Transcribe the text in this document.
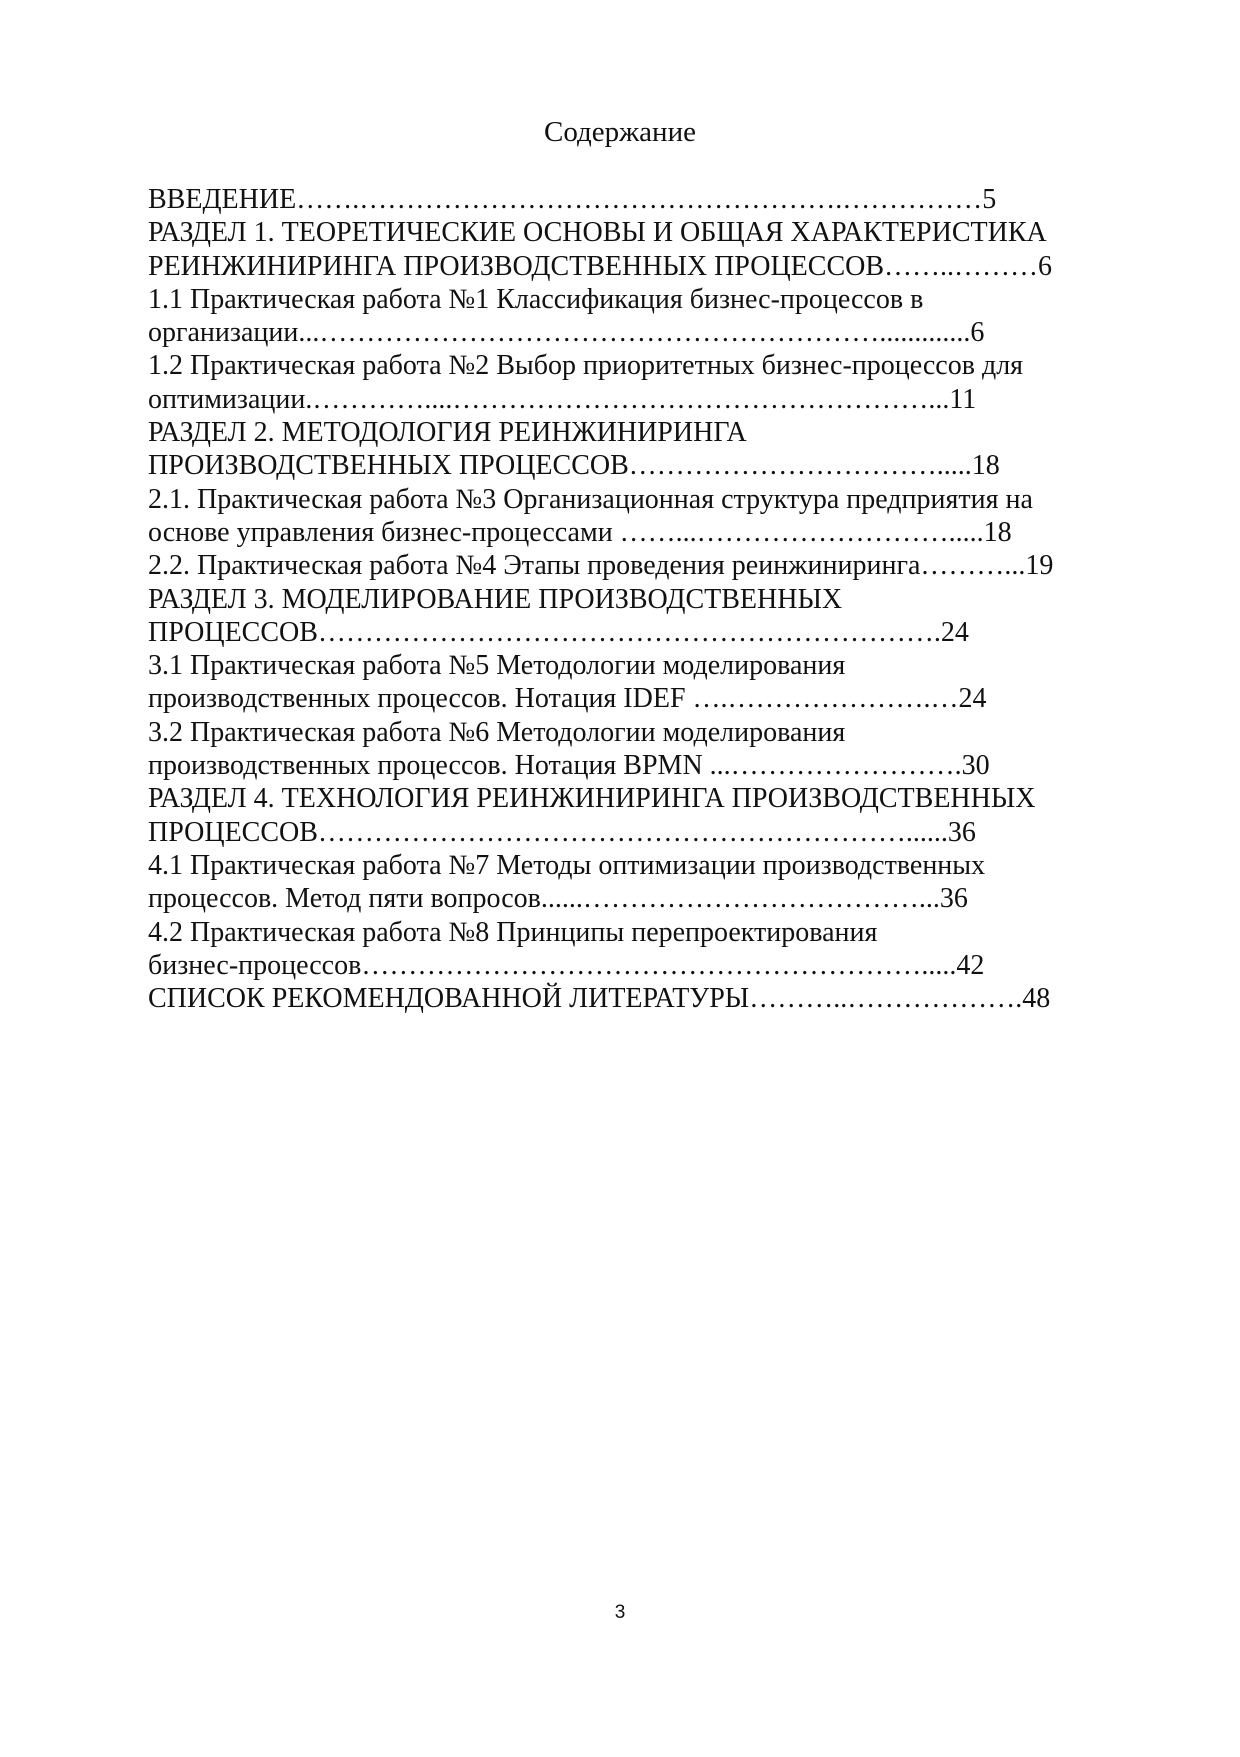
Содержание
ВВЕДЕНИЕ…….…………………………………………….……………5
РАЗДЕЛ 1. ТЕОРЕТИЧЕСКИЕ ОСНОВЫ И ОБЩАЯ ХАРАКТЕРИСТИКА
РЕИНЖИНИРИНГА ПРОИЗВОДСТВЕННЫХ ПРОЦЕССОВ……..………6
1.1 Практическая работа №1 Классификация бизнес-процессов в
организации...…………………………………………………….............6
1.2 Практическая работа №2 Выбор приоритетных бизнес-процессов для
оптимизации.…………....……………………………………………...11
РАЗДЕЛ 2. МЕТОДОЛОГИЯ РЕИНЖИНИРИНГА
ПРОИЗВОДСТВЕННЫХ ПРОЦЕССОВ…………………………….....18
2.1. Практическая работа №3 Организационная структура предприятия на
основе управления бизнес-процессами ……...……………………….....18
2.2. Практическая работа №4 Этапы проведения реинжиниринга………...19
РАЗДЕЛ 3. МОДЕЛИРОВАНИЕ ПРОИЗВОДСТВЕННЫХ
ПРОЦЕССОВ………………………………………………………….24
3.1 Практическая работа №5 Методологии моделирования
производственных процессов. Нотация IDEF ….………………….…24
3.2 Практическая работа №6 Методологии моделирования
производственных процессов. Нотация BPMN ...…………………….30
РАЗДЕЛ 4. ТЕХНОЛОГИЯ РЕИНЖИНИРИНГА ПРОИЗВОДСТВЕННЫХ
ПРОЦЕССОВ………………………………………………………......36
4.1 Практическая работа №7 Методы оптимизации производственных
процессов. Метод пяти вопросов......………………………………...36
4.2 Практическая работа №8 Принципы перепроектирования
бизнес-процессов…………………………………………………….....42
СПИСОК РЕКОМЕНДОВАННОЙ ЛИТЕРАТУРЫ………..……………….48
3
